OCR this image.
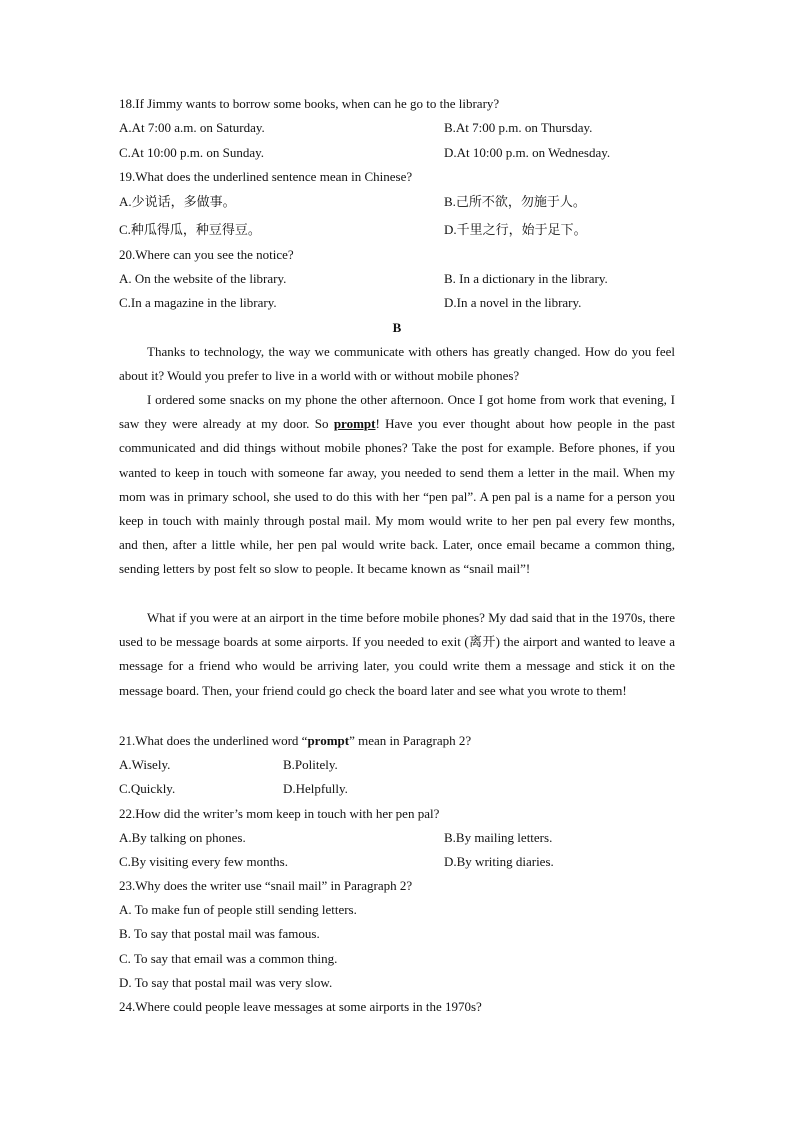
18.If Jimmy wants to borrow some books, when can he go to the library?
A.At 7:00 a.m. on Saturday.	B.At 7:00 p.m. on Thursday.
C.At 10:00 p.m. on Sunday.	D.At 10:00 p.m. on Wednesday.
19.What does the underlined sentence mean in Chinese?
A.少说话，多做事。	B.己所不欲，勿施于人。
C.种瓜得瓜，种豆得豆。	D.千里之行，始于足下。
20.Where can you see the notice?
A. On the website of the library.	B. In a dictionary in the library.
C.In a magazine in the library.	D.In a novel in the library.
B
Thanks to technology, the way we communicate with others has greatly changed. How do you feel about it? Would you prefer to live in a world with or without mobile phones?
I ordered some snacks on my phone the other afternoon. Once I got home from work that evening, I saw they were already at my door. So prompt! Have you ever thought about how people in the past communicated and did things without mobile phones? Take the post for example. Before phones, if you wanted to keep in touch with someone far away, you needed to send them a letter in the mail. When my mom was in primary school, she used to do this with her “pen pal”. A pen pal is a name for a person you keep in touch with mainly through postal mail. My mom would write to her pen pal every few months, and then, after a little while, her pen pal would write back. Later, once email became a common thing, sending letters by post felt so slow to people. It became known as “snail mail”!
What if you were at an airport in the time before mobile phones? My dad said that in the 1970s, there used to be message boards at some airports. If you needed to exit (离开) the airport and wanted to leave a message for a friend who would be arriving later, you could write them a message and stick it on the message board. Then, your friend could go check the board later and see what you wrote to them!
21.What does the underlined word “prompt” mean in Paragraph 2?
A.Wisely.	B.Politely.
C.Quickly.	D.Helpfully.
22.How did the writer’s mom keep in touch with her pen pal?
A.By talking on phones.	B.By mailing letters.
C.By visiting every few months.	D.By writing diaries.
23.Why does the writer use “snail mail” in Paragraph 2?
A. To make fun of people still sending letters.
B. To say that postal mail was famous.
C. To say that email was a common thing.
D. To say that postal mail was very slow.
24.Where could people leave messages at some airports in the 1970s?
